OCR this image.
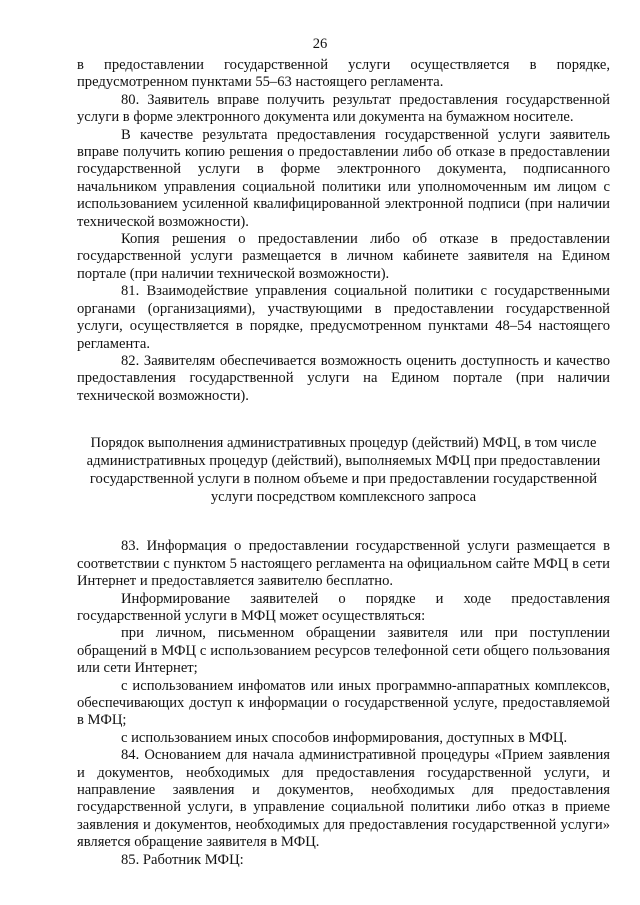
26

в предоставлении государственной услуги осуществляется в порядке, предусмотренном пунктами 55–63 настоящего регламента.

80. Заявитель вправе получить результат предоставления государственной услуги в форме электронного документа или документа на бумажном носителе.

В качестве результата предоставления государственной услуги заявитель вправе получить копию решения о предоставлении либо об отказе в предоставлении государственной услуги в форме электронного документа, подписанного начальником управления социальной политики или уполномоченным им лицом с использованием усиленной квалифицированной электронной подписи (при наличии технической возможности).

Копия решения о предоставлении либо об отказе в предоставлении государственной услуги размещается в личном кабинете заявителя на Едином портале (при наличии технической возможности).

81. Взаимодействие управления социальной политики с государственными органами (организациями), участвующими в предоставлении государственной услуги, осуществляется в порядке, предусмотренном пунктами 48–54 настоящего регламента.

82. Заявителям обеспечивается возможность оценить доступность и качество предоставления государственной услуги на Едином портале (при наличии технической возможности).

Порядок выполнения административных процедур (действий) МФЦ, в том числе административных процедур (действий), выполняемых МФЦ при предоставлении государственной услуги в полном объеме и при предоставлении государственной услуги посредством комплексного запроса

83. Информация о предоставлении государственной услуги размещается в соответствии с пунктом 5 настоящего регламента на официальном сайте МФЦ в сети Интернет и предоставляется заявителю бесплатно.

Информирование заявителей о порядке и ходе предоставления государственной услуги в МФЦ может осуществляться:

при личном, письменном обращении заявителя или при поступлении обращений в МФЦ с использованием ресурсов телефонной сети общего пользования или сети Интернет;

с использованием инфоматов или иных программно-аппаратных комплексов, обеспечивающих доступ к информации о государственной услуге, предоставляемой в МФЦ;

с использованием иных способов информирования, доступных в МФЦ.

84. Основанием для начала административной процедуры «Прием заявления и документов, необходимых для предоставления государственной услуги, и направление заявления и документов, необходимых для предоставления государственной услуги, в управление социальной политики либо отказ в приеме заявления и документов, необходимых для предоставления государственной услуги» является обращение заявителя в МФЦ.

85. Работник МФЦ:
